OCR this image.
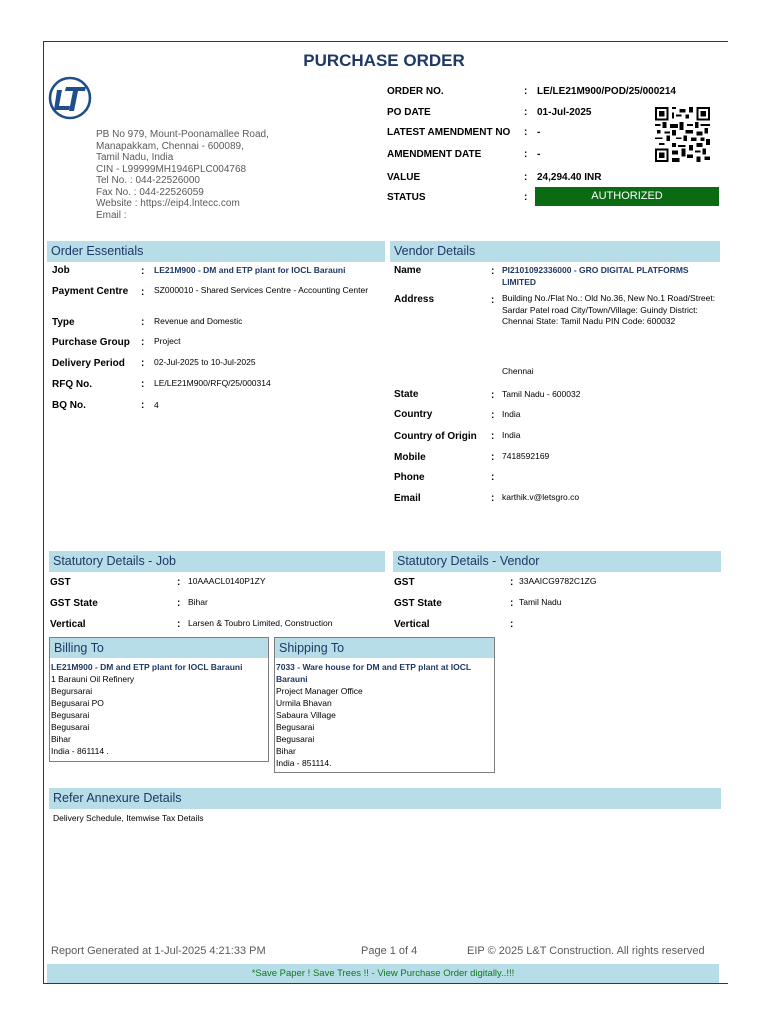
PURCHASE ORDER
PB No 979, Mount-Poonamallee Road,
Manapakkam, Chennai - 600089,
Tamil Nadu, India
CIN - L99999MH1946PLC004768
Tel No. : 044-22526000
Fax No. : 044-22526059
Website : https://eip4.lntecc.com
Email :
ORDER NO.	: LE/LE21M900/POD/25/000214
PO DATE	: 01-Jul-2025
LATEST AMENDMENT NO : -
AMENDMENT DATE	: -
VALUE	: 24,294.40 INR
STATUS	:	AUTHORIZED
Order Essentials
Job	: LE21M900 - DM and ETP plant for IOCL Barauni
Payment Centre : SZ000010 - Shared Services Centre - Accounting Center
Type	: Revenue and Domestic
Purchase Group : Project
Delivery Period : 02-Jul-2025 to 10-Jul-2025
RFQ No.	: LE/LE21M900/RFQ/25/000314
BQ No.	: 4
Vendor Details
Name	: PI2101092336000 - GRO DIGITAL PLATFORMS LIMITED
Address	: Building No./Flat No.: Old No.36, New No.1 Road/Street: Sardar Patel road City/Town/Village: Guindy District: Chennai State: Tamil Nadu PIN Code: 600032
Chennai
State	: Tamil Nadu - 600032
Country	: India
Country of Origin : India
Mobile	: 7418592169
Phone	:
Email	: karthik.v@letsgro.co
Statutory Details - Job
GST	: 10AAACL0140P1ZY
GST State	: Bihar
Vertical	: Larsen & Toubro Limited, Construction
Statutory Details - Vendor
GST	: 33AAICG9782C1ZG
GST State	: Tamil Nadu
Vertical	:
Billing To
LE21M900 - DM and ETP plant for IOCL Barauni
1 Barauni Oil Refinery
Begursarai
Begusarai PO
Begusarai
Begusarai
Bihar
India - 861114 .
Shipping To
7033 - Ware house for DM and ETP plant at IOCL Barauni
Project Manager Office
Urmila Bhavan
Sabaura Village
Begusarai
Begusarai
Bihar
India - 851114.
Refer Annexure Details
Delivery Schedule, Itemwise Tax Details
Report Generated at 1-Jul-2025 4:21:33 PM	Page 1 of 4	EIP © 2025 L&T Construction. All rights reserved
*Save Paper ! Save Trees !! - View Purchase Order digitally..!!!
